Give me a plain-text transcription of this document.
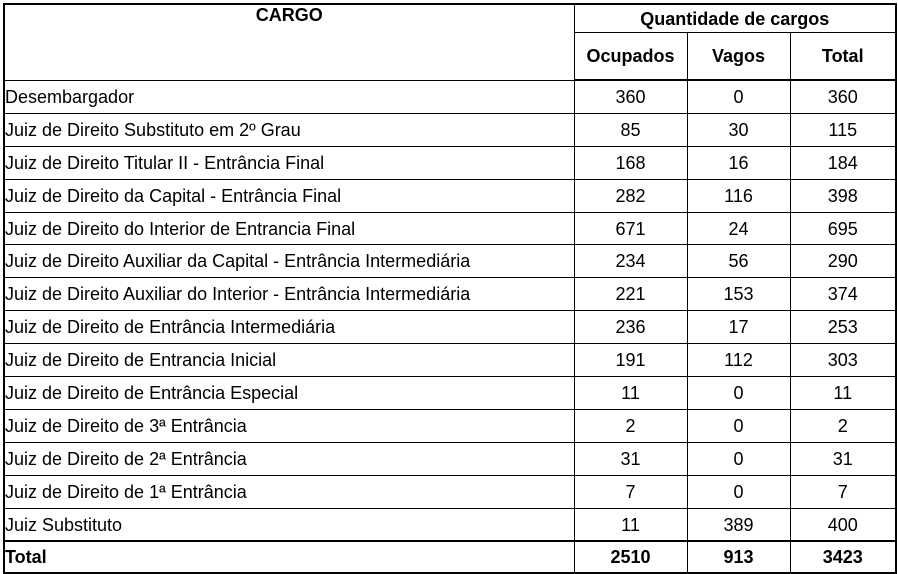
CARGO	Quantidade de cargos		
	Ocupados	Vagos	Total
Desembargador	360	0	360
Juiz de Direito Substituto em 2º Grau	85	30	115
Juiz de Direito Titular II - Entrância Final	168	16	184
Juiz de Direito da Capital - Entrância Final	282	116	398
Juiz de Direito do Interior de Entrancia Final	671	24	695
Juiz de Direito Auxiliar da Capital - Entrância Intermediária	234	56	290
Juiz de Direito Auxiliar do Interior - Entrância Intermediária	221	153	374
Juiz de Direito de Entrância Intermediária	236	17	253
Juiz de Direito de Entrancia Inicial	191	112	303
Juiz de Direito de Entrância Especial	11	0	11
Juiz de Direito de 3ª Entrância	2	0	2
Juiz de Direito de 2ª Entrância	31	0	31
Juiz de Direito de 1ª Entrância	7	0	7
Juiz Substituto	11	389	400
Total	2510	913	3423
